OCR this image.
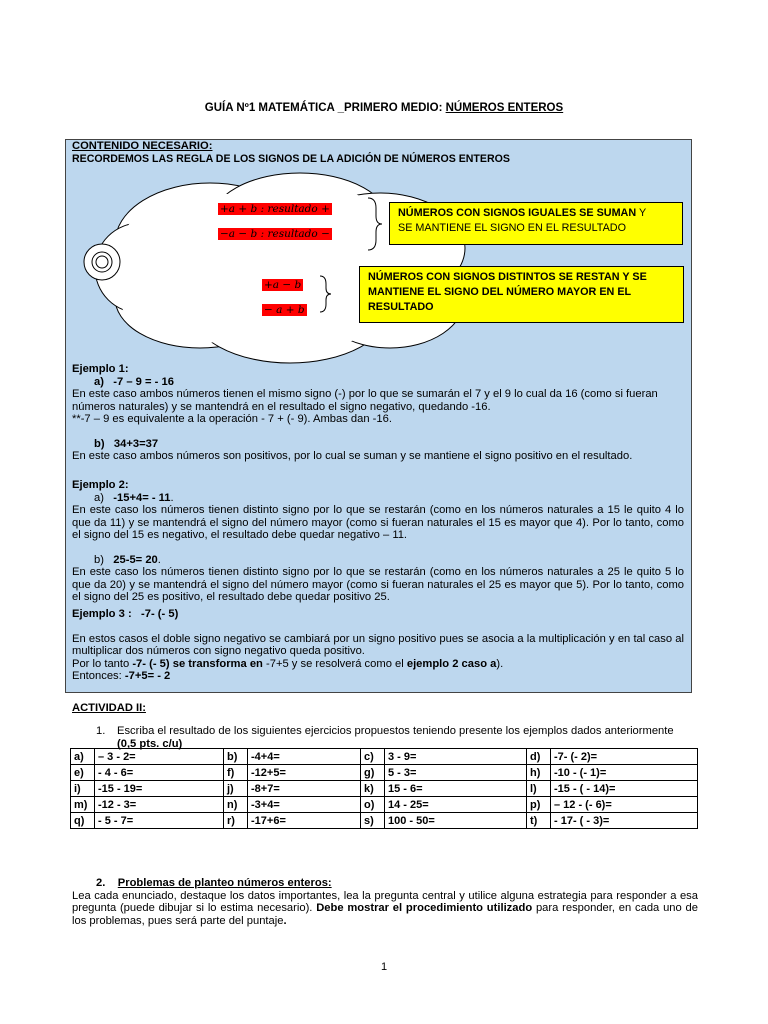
GUÍA Nº1 MATEMÁTICA _PRIMERO MEDIO: NÚMEROS ENTEROS
CONTENIDO NECESARIO:
RECORDEMOS LAS REGLA DE LOS SIGNOS DE LA ADICIÓN DE NÚMEROS ENTEROS
+a + b : resultado +
−a − b : resultado −
+a − b
− a + b
NÚMEROS CON SIGNOS IGUALES SE SUMAN Y
SE MANTIENE EL SIGNO EN EL RESULTADO
NÚMEROS CON SIGNOS DISTINTOS SE RESTAN Y SE MANTIENE EL SIGNO DEL NÚMERO MAYOR EN EL RESULTADO
Ejemplo 1:
a) -7 – 9 = - 16
En este caso ambos números tienen el mismo signo (-) por lo que se sumarán el 7 y el 9 lo cual da 16 (como si fueran números naturales) y se mantendrá en el resultado el signo negativo, quedando -16.
**-7 – 9 es equivalente a la operación - 7 + (- 9). Ambas dan -16.
b) 34+3=37
En este caso ambos números son positivos, por lo cual se suman y se mantiene el signo positivo en el resultado.
Ejemplo 2:
a) -15+4= - 11.
En este caso los números tienen distinto signo por lo que se restarán (como en los números naturales a 15 le quito 4 lo que da 11) y se mantendrá el signo del número mayor (como si fueran naturales el 15 es mayor que 4). Por lo tanto, como el signo del 15 es negativo, el resultado debe quedar negativo – 11.
b) 25-5= 20.
En este caso los números tienen distinto signo por lo que se restarán (como en los números naturales a 25 le quito 5 lo que da 20) y se mantendrá el signo del número mayor (como si fueran naturales el 25 es mayor que 5). Por lo tanto, como el signo del 25 es positivo, el resultado debe quedar positivo 25.
Ejemplo 3 : -7- (- 5)
En estos casos el doble signo negativo se cambiará por un signo positivo pues se asocia a la multiplicación y en tal caso al multiplicar dos números con signo negativo queda positivo.
Por lo tanto -7- (- 5) se transforma en -7+5 y se resolverá como el ejemplo 2 caso a).
Entonces: -7+5= - 2
ACTIVIDAD II:
1.	Escriba el resultado de los siguientes ejercicios propuestos teniendo presente los ejemplos dados anteriormente (0,5 pts. c/u)
a)	– 3 - 2=	b)	-4+4=	c)	3 - 9=	d)	-7- (- 2)=
e)	- 4 - 6=	f)	-12+5=	g)	5 - 3=	h)	-10 - (- 1)=
i)	-15 - 19=	j)	-8+7=	k)	15 - 6=	l)	-15 - ( - 14)=
m)	-12 - 3=	n)	-3+4=	o)	14 - 25=	p)	– 12 - (- 6)=
q)	- 5 - 7=	r)	-17+6=	s)	100 - 50=	t)	- 17- ( - 3)=
2. Problemas de planteo números enteros:
Lea cada enunciado, destaque los datos importantes, lea la pregunta central y utilice alguna estrategia para responder a esa pregunta (puede dibujar si lo estima necesario). Debe mostrar el procedimiento utilizado para responder, en cada uno de los problemas, pues será parte del puntaje.
1
